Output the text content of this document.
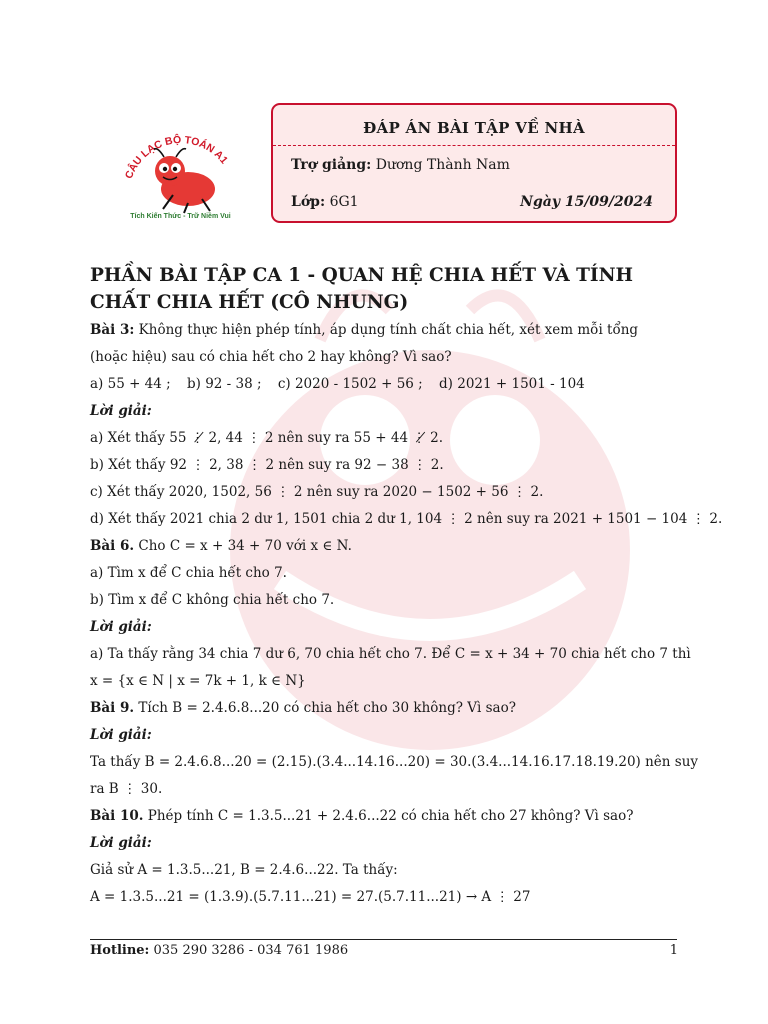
CÂU LẠC BỘ TOÁN A1
Tích Kiến Thức - Trữ Niềm Vui
ĐÁP ÁN BÀI TẬP VỀ NHÀ
Trợ giảng: Dương Thành Nam
Lớp: 6G1	Ngày 15/09/2024
PHẦN BÀI TẬP CA 1 - QUAN HỆ CHIA HẾT VÀ TÍNH CHẤT CHIA HẾT (CÔ NHUNG)
Bài 3: Không thực hiện phép tính, áp dụng tính chất chia hết, xét xem mỗi tổng (hoặc hiệu) sau có chia hết cho 2 hay không? Vì sao?
a) 55 + 44 ; b) 92 - 38 ; c) 2020 - 1502 + 56 ; d) 2021 + 1501 - 104
Lời giải:
a) Xét thấy 55 ⋮̸ 2, 44 ⋮ 2 nên suy ra 55 + 44 ⋮̸ 2.
b) Xét thấy 92 ⋮ 2, 38 ⋮ 2 nên suy ra 92 − 38 ⋮ 2.
c) Xét thấy 2020, 1502, 56 ⋮ 2 nên suy ra 2020 − 1502 + 56 ⋮ 2.
d) Xét thấy 2021 chia 2 dư 1, 1501 chia 2 dư 1, 104 ⋮ 2 nên suy ra 2021 + 1501 − 104 ⋮ 2.
Bài 6. Cho C = x + 34 + 70 với x ∈ N.
a) Tìm x để C chia hết cho 7.
b) Tìm x để C không chia hết cho 7.
Lời giải:
a) Ta thấy rằng 34 chia 7 dư 6, 70 chia hết cho 7. Để C = x + 34 + 70 chia hết cho 7 thì
x = {x ∈ N | x = 7k + 1, k ∈ N}
Bài 9. Tích B = 2.4.6.8...20 có chia hết cho 30 không? Vì sao?
Lời giải:
Ta thấy B = 2.4.6.8...20 = (2.15).(3.4...14.16...20) = 30.(3.4...14.16.17.18.19.20) nên suy
ra B ⋮ 30.
Bài 10. Phép tính C = 1.3.5...21 + 2.4.6...22 có chia hết cho 27 không? Vì sao?
Lời giải:
Giả sử A = 1.3.5...21, B = 2.4.6...22. Ta thấy:
A = 1.3.5...21 = (1.3.9).(5.7.11...21) = 27.(5.7.11...21) → A ⋮ 27
Hotline: 035 290 3286 - 034 761 1986	1
